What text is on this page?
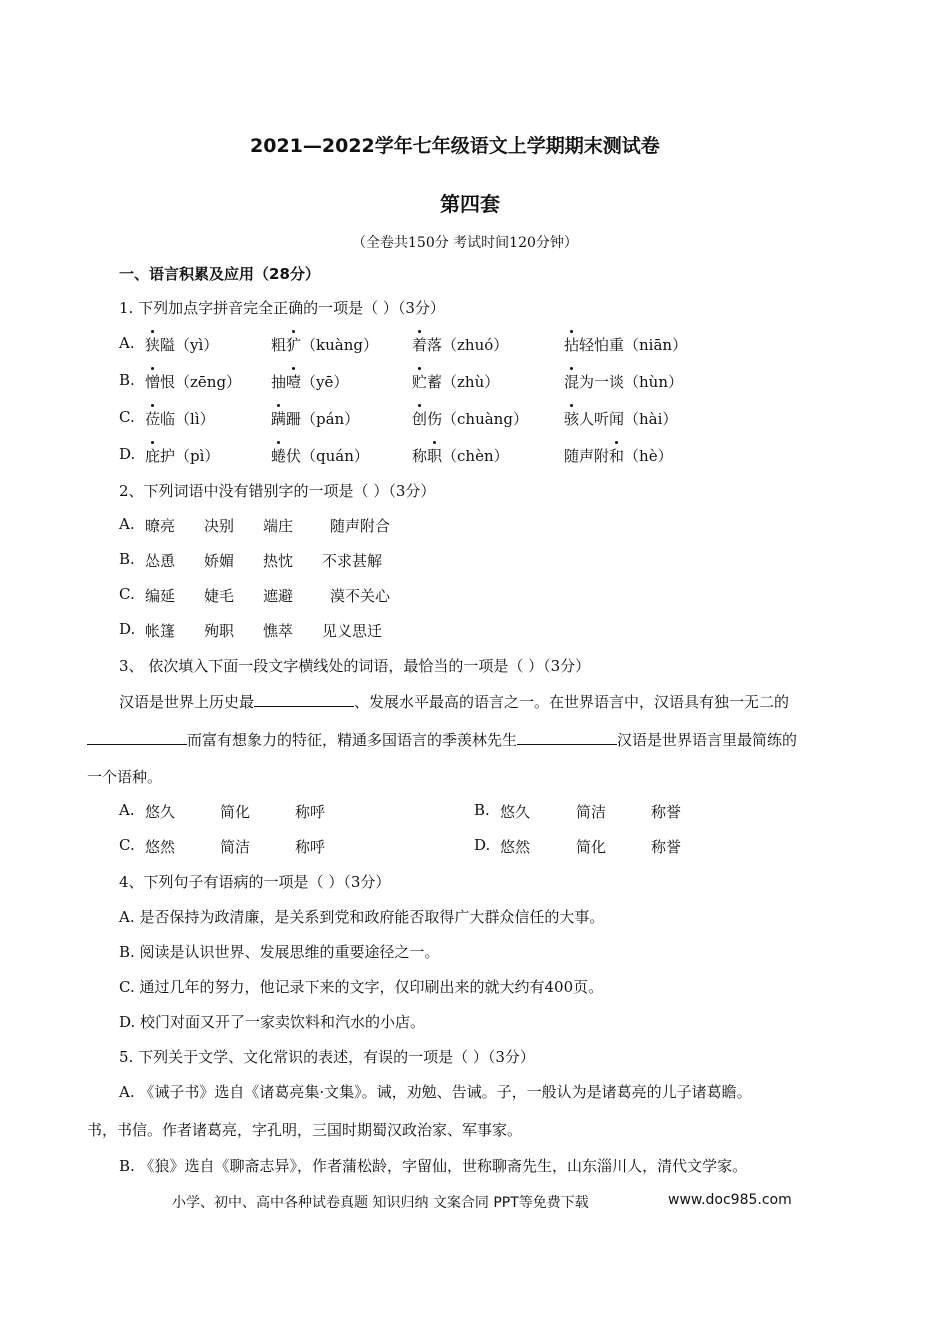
2021—2022学年七年级语文上学期期末测试卷
第四套
（全卷共150分 考试时间120分钟）
一、语言积累及应用（28分）
1. 下列加点字拼音完全正确的一项是（ ）（3分）
A. 狭隘（yì）	粗犷（kuàng） 着落（zhuó）	拈轻怕重（niān）
B. 憎恨（zēng） 抽噎（yē）	贮蓄（zhù）	混为一谈（hùn）
C. 莅临（lì）	蹒跚（pán）	创伤（chuàng） 骇人听闻（hài）
D. 庇护（pì）	蜷伏（quán）	称职（chèn）	随声附和（hè）
2、下列词语中没有错别字的一项是（ ）（3分）
A. 暸亮 决别 端庄 随声附合
B. 怂恿 娇媚 热忱 不求甚解
C. 编延 婕毛 遮避 漠不关心
D. 帐篷 殉职 憔萃 见义思迁
3、 依次填入下面一段文字横线处的词语，最恰当的一项是（ ）（3分）
汉语是世界上历史最	、发展水平最高的语言之一。在世界语言中，汉语具有独一无二的
而富有想象力的特征，精通多国语言的季羡林先生	汉语是世界语言里最简练的
一个语种。
A. 悠久	简化	称呼	B. 悠久	简洁	称誉
C. 悠然	简洁	称呼	D. 悠然	简化	称誉
4、下列句子有语病的一项是（ ）（3分）
A. 是否保持为政清廉，是关系到党和政府能否取得广大群众信任的大事。
B. 阅读是认识世界、发展思维的重要途径之一。
C. 通过几年的努力，他记录下来的文字，仅印刷出来的就大约有400页。
D. 校门对面又开了一家卖饮料和汽水的小店。
5. 下列关于文学、文化常识的表述，有误的一项是（ ）（3分）
A. 《诫子书》选自《诸葛亮集·文集》。诫，劝勉、告诫。子，一般认为是诸葛亮的儿子诸葛瞻。
书，书信。作者诸葛亮，字孔明，三国时期蜀汉政治家、军事家。
B. 《狼》选自《聊斋志异》，作者蒲松龄，字留仙，世称聊斋先生，山东淄川人，清代文学家。
小学、初中、高中各种试卷真题 知识归纳 文案合同 PPT等免费下载	www.doc985.com
